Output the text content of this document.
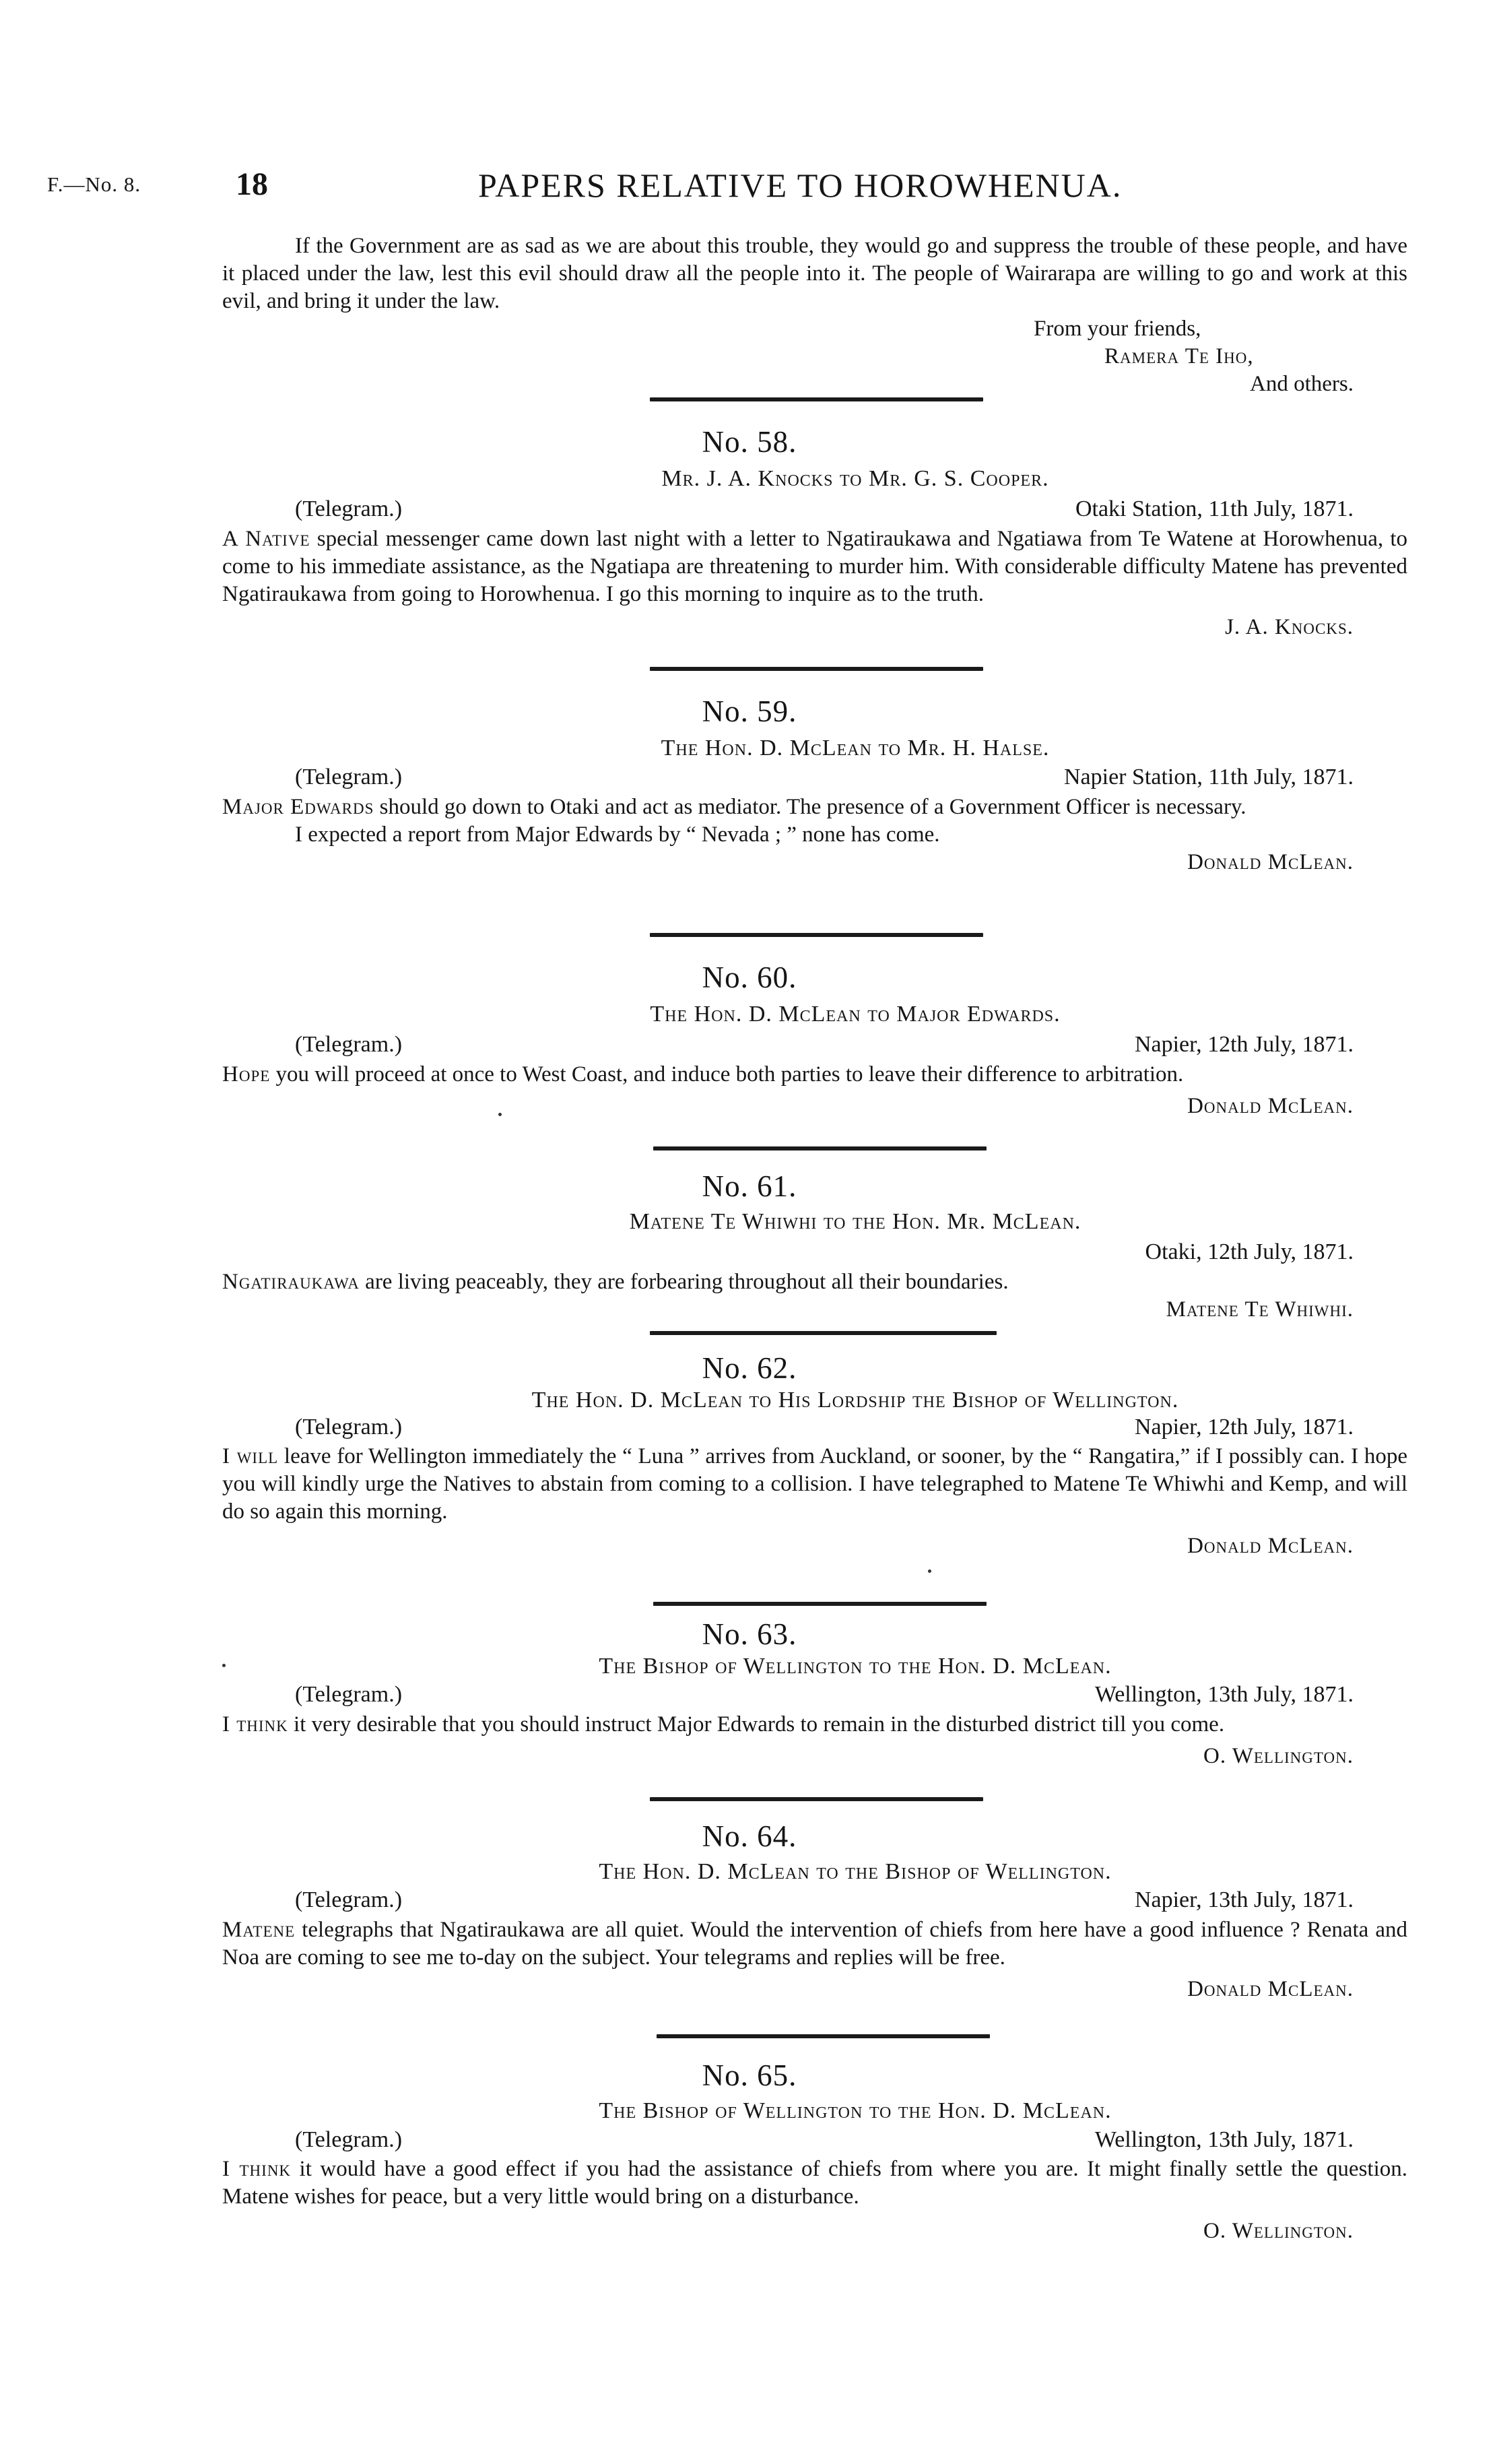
F.—No. 8.	18	PAPERS RELATIVE TO HOROWHENUA.
If the Government are as sad as we are about this trouble, they would go and suppress the trouble of these people, and have it placed under the law, lest this evil should draw all the people into it. The people of Wairarapa are willing to go and work at this evil, and bring it under the law.
From your friends,
Ramera Te Iho,
And others.
No. 58.
Mr. J. A. Knocks to Mr. G. S. Cooper.
(Telegram.)	Otaki Station, 11th July, 1871.
A Native special messenger came down last night with a letter to Ngatiraukawa and Ngatiawa from Te Watene at Horowhenua, to come to his immediate assistance, as the Ngatiapa are threatening to murder him. With considerable difficulty Matene has prevented Ngatiraukawa from going to Horowhenua. I go this morning to inquire as to the truth.
J. A. Knocks.
No. 59.
The Hon. D. McLean to Mr. H. Halse.
(Telegram.)	Napier Station, 11th July, 1871.
Major Edwards should go down to Otaki and act as mediator. The presence of a Government Officer is necessary.
I expected a report from Major Edwards by “ Nevada ; ” none has come.
Donald McLean.
No. 60.
The Hon. D. McLean to Major Edwards.
(Telegram.)	Napier, 12th July, 1871.
Hope you will proceed at once to West Coast, and induce both parties to leave their difference to arbitration.
Donald McLean.
No. 61.
Matene Te Whiwhi to the Hon. Mr. McLean.
Otaki, 12th July, 1871.
Ngatiraukawa are living peaceably, they are forbearing throughout all their boundaries.
Matene Te Whiwhi.
No. 62.
The Hon. D. McLean to His Lordship the Bishop of Wellington.
(Telegram.)	Napier, 12th July, 1871.
I will leave for Wellington immediately the “ Luna ” arrives from Auckland, or sooner, by the “ Rangatira,” if I possibly can. I hope you will kindly urge the Natives to abstain from coming to a collision. I have telegraphed to Matene Te Whiwhi and Kemp, and will do so again this morning.
Donald McLean.
No. 63.
The Bishop of Wellington to the Hon. D. McLean.
(Telegram.)	Wellington, 13th July, 1871.
I think it very desirable that you should instruct Major Edwards to remain in the disturbed district till you come.
O. Wellington.
No. 64.
The Hon. D. McLean to the Bishop of Wellington.
(Telegram.)	Napier, 13th July, 1871.
Matene telegraphs that Ngatiraukawa are all quiet. Would the intervention of chiefs from here have a good influence ? Renata and Noa are coming to see me to-day on the subject. Your telegrams and replies will be free.
Donald McLean.
No. 65.
The Bishop of Wellington to the Hon. D. McLean.
(Telegram.)	Wellington, 13th July, 1871.
I think it would have a good effect if you had the assistance of chiefs from where you are. It might finally settle the question. Matene wishes for peace, but a very little would bring on a disturbance.
O. Wellington.
